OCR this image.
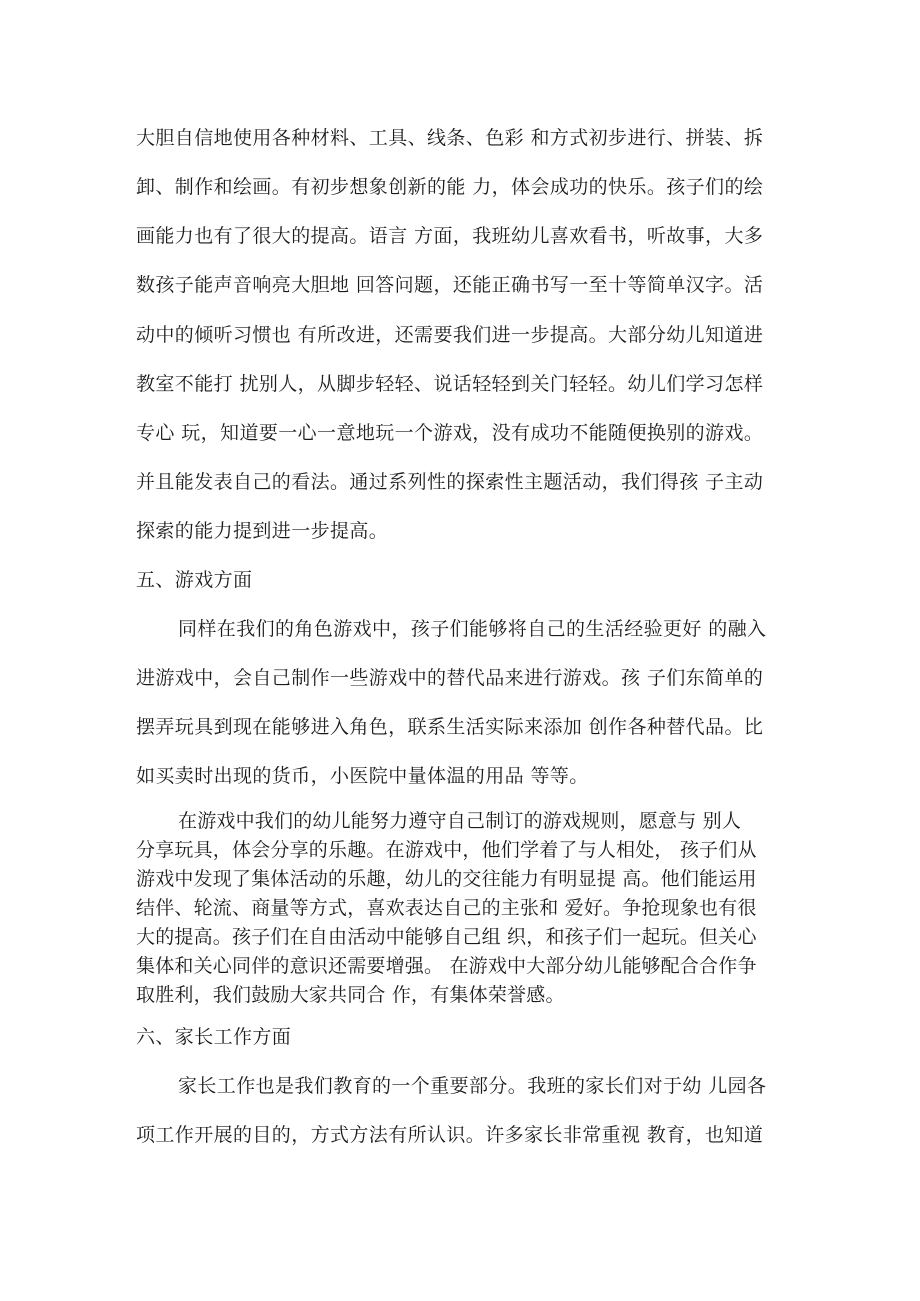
大胆自信地使用各种材料、工具、线条、色彩 和方式初步进行、拼装、拆
卸、制作和绘画。有初步想象创新的能 力，体会成功的快乐。孩子们的绘
画能力也有了很大的提高。语言 方面，我班幼儿喜欢看书，听故事，大多
数孩子能声音响亮大胆地 回答问题，还能正确书写一至十等简单汉字。活
动中的倾听习惯也 有所改进，还需要我们进一步提高。大部分幼儿知道进
教室不能打 扰别人，从脚步轻轻、说话轻轻到关门轻轻。幼儿们学习怎样
专心 玩，知道要一心一意地玩一个游戏，没有成功不能随便换别的游戏。
并且能发表自己的看法。通过系列性的探索性主题活动，我们得孩 子主动
探索的能力提到进一步提高。
五、游戏方面
同样在我们的角色游戏中，孩子们能够将自己的生活经验更好 的融入
进游戏中，会自己制作一些游戏中的替代品来进行游戏。孩 子们东简单的
摆弄玩具到现在能够进入角色，联系生活实际来添加 创作各种替代品。比
如买卖时出现的货币，小医院中量体温的用品 等等。
在游戏中我们的幼儿能努力遵守自己制订的游戏规则，愿意与 别人
分享玩具，体会分享的乐趣。在游戏中，他们学着了与人相处， 孩子们从
游戏中发现了集体活动的乐趣，幼儿的交往能力有明显提 高。他们能运用
结伴、轮流、商量等方式，喜欢表达自己的主张和 爱好。争抢现象也有很
大的提高。孩子们在自由活动中能够自己组 织，和孩子们一起玩。但关心
集体和关心同伴的意识还需要增强。 在游戏中大部分幼儿能够配合合作争
取胜利，我们鼓励大家共同合 作，有集体荣誉感。
六、家长工作方面
家长工作也是我们教育的一个重要部分。我班的家长们对于幼 儿园各
项工作开展的目的，方式方法有所认识。许多家长非常重视 教育，也知道
